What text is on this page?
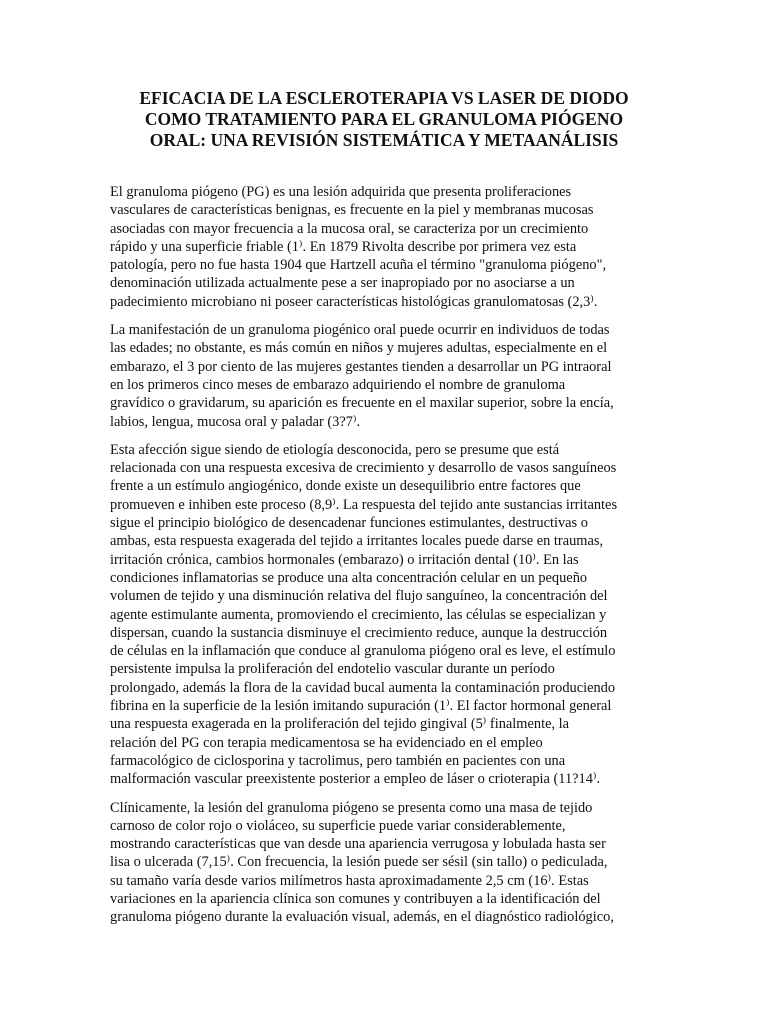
EFICACIA DE LA ESCLEROTERAPIA VS LASER DE DIODO
COMO TRATAMIENTO PARA EL GRANULOMA PIÓGENO
ORAL: UNA REVISIÓN SISTEMÁTICA Y METAANÁLISIS

El granuloma piógeno (PG) es una lesión adquirida que presenta proliferaciones
vasculares de características benignas, es frecuente en la piel y membranas mucosas
asociadas con mayor frecuencia a la mucosa oral, se caracteriza por un crecimiento
rápido y una superficie friable (1⁾. En 1879 Rivolta describe por primera vez esta
patología, pero no fue hasta 1904 que Hartzell acuña el término "granuloma piógeno",
denominación utilizada actualmente pese a ser inapropiado por no asociarse a un
padecimiento microbiano ni poseer características histológicas granulomatosas (2,3⁾.

La manifestación de un granuloma piogénico oral puede ocurrir en individuos de todas
las edades; no obstante, es más común en niños y mujeres adultas, especialmente en el
embarazo, el 3 por ciento de las mujeres gestantes tienden a desarrollar un PG intraoral
en los primeros cinco meses de embarazo adquiriendo el nombre de granuloma
gravídico o gravidarum, su aparición es frecuente en el maxilar superior, sobre la encía,
labios, lengua, mucosa oral y paladar (3?7⁾.

Esta afección sigue siendo de etiología desconocida, pero se presume que está
relacionada con una respuesta excesiva de crecimiento y desarrollo de vasos sanguíneos
frente a un estímulo angiogénico, donde existe un desequilibrio entre factores que
promueven e inhiben este proceso (8,9⁾. La respuesta del tejido ante sustancias irritantes
sigue el principio biológico de desencadenar funciones estimulantes, destructivas o
ambas, esta respuesta exagerada del tejido a irritantes locales puede darse en traumas,
irritación crónica, cambios hormonales (embarazo) o irritación dental (10⁾. En las
condiciones inflamatorias se produce una alta concentración celular en un pequeño
volumen de tejido y una disminución relativa del flujo sanguíneo, la concentración del
agente estimulante aumenta, promoviendo el crecimiento, las células se especializan y
dispersan, cuando la sustancia disminuye el crecimiento reduce, aunque la destrucción
de células en la inflamación que conduce al granuloma piógeno oral es leve, el estímulo
persistente impulsa la proliferación del endotelio vascular durante un período
prolongado, además la flora de la cavidad bucal aumenta la contaminación produciendo
fibrina en la superficie de la lesión imitando supuración (1⁾. El factor hormonal general
una respuesta exagerada en la proliferación del tejido gingival (5⁾ finalmente, la
relación del PG con terapia medicamentosa se ha evidenciado en el empleo
farmacológico de ciclosporina y tacrolimus, pero también en pacientes con una
malformación vascular preexistente posterior a empleo de láser o crioterapia (11?14⁾.

Clínicamente, la lesión del granuloma piógeno se presenta como una masa de tejido
carnoso de color rojo o violáceo, su superficie puede variar considerablemente,
mostrando características que van desde una apariencia verrugosa y lobulada hasta ser
lisa o ulcerada (7,15⁾. Con frecuencia, la lesión puede ser sésil (sin tallo) o pediculada,
su tamaño varía desde varios milímetros hasta aproximadamente 2,5 cm (16⁾. Estas
variaciones en la apariencia clínica son comunes y contribuyen a la identificación del
granuloma piógeno durante la evaluación visual, además, en el diagnóstico radiológico,
